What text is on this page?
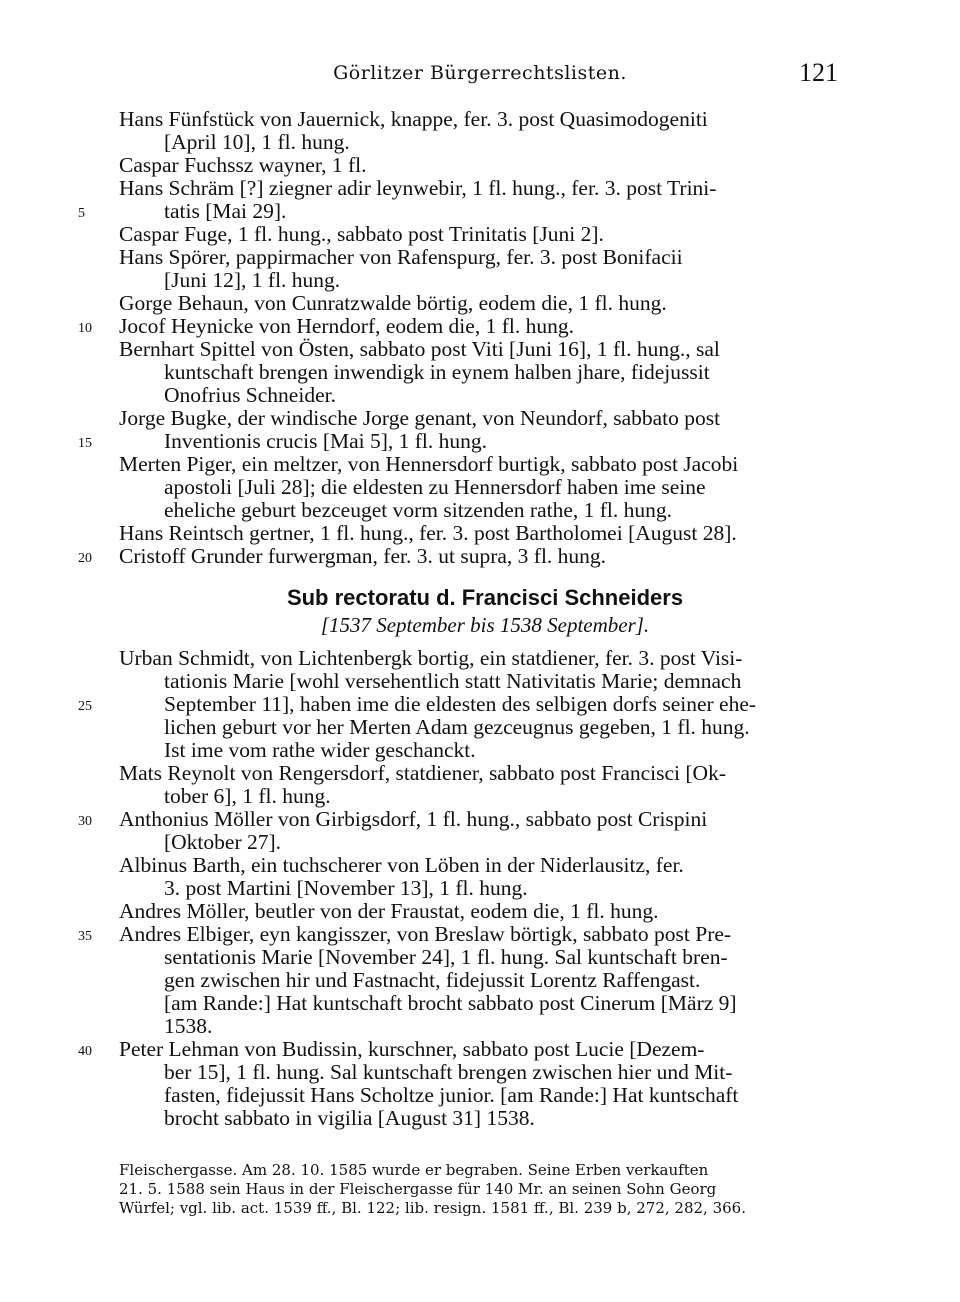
Görlitzer Bürgerrechtslisten.	121
Hans Fünfstück von Jauernick, knappe, fer. 3. post Quasimodogeniti
[April 10], 1 fl. hung.
Caspar Fuchssz wayner, 1 fl.
Hans Schräm [?] ziegner adir leynwebir, 1 fl. hung., fer. 3. post Trini-
5	tatis [Mai 29].
Caspar Fuge, 1 fl. hung., sabbato post Trinitatis [Juni 2].
Hans Spörer, pappirmacher von Rafenspurg, fer. 3. post Bonifacii
[Juni 12], 1 fl. hung.
Gorge Behaun, von Cunratzwalde börtig, eodem die, 1 fl. hung.
10 Jocof Heynicke von Herndorf, eodem die, 1 fl. hung.
Bernhart Spittel von Östen, sabbato post Viti [Juni 16], 1 fl. hung., sal
kuntschaft brengen inwendigk in eynem halben jhare, fidejussit
Onofrius Schneider.
Jorge Bugke, der windische Jorge genant, von Neundorf, sabbato post
15	Inventionis crucis [Mai 5], 1 fl. hung.
Merten Piger, ein meltzer, von Hennersdorf burtigk, sabbato post Jacobi
apostoli [Juli 28]; die eldesten zu Hennersdorf haben ime seine
eheliche geburt bezceuget vorm sitzenden rathe, 1 fl. hung.
Hans Reintsch gertner, 1 fl. hung., fer. 3. post Bartholomei [August 28].
20 Cristoff Grunder furwergman, fer. 3. ut supra, 3 fl. hung.
Sub rectoratu d. Francisci Schneiders
[1537 September bis 1538 September].
Urban Schmidt, von Lichtenbergk bortig, ein statdiener, fer. 3. post Visi-
tationis Marie [wohl versehentlich statt Nativitatis Marie; demnach
25	September 11], haben ime die eldesten des selbigen dorfs seiner ehe-
lichen geburt vor her Merten Adam gezceugnus gegeben, 1 fl. hung.
Ist ime vom rathe wider geschanckt.
Mats Reynolt von Rengersdorf, statdiener, sabbato post Francisci [Ok-
tober 6], 1 fl. hung.
30 Anthonius Möller von Girbigsdorf, 1 fl. hung., sabbato post Crispini
[Oktober 27].
Albinus Barth, ein tuchscherer von Löben in der Niderlausitz, fer.
3. post Martini [November 13], 1 fl. hung.
Andres Möller, beutler von der Fraustat, eodem die, 1 fl. hung.
35 Andres Elbiger, eyn kangisszer, von Breslaw börtigk, sabbato post Pre-
sentationis Marie [November 24], 1 fl. hung. Sal kuntschaft bren-
gen zwischen hir und Fastnacht, fidejussit Lorentz Raffengast.
[am Rande:] Hat kuntschaft brocht sabbato post Cinerum [März 9]
1538.
40 Peter Lehman von Budissin, kurschner, sabbato post Lucie [Dezem-
ber 15], 1 fl. hung. Sal kuntschaft brengen zwischen hier und Mit-
fasten, fidejussit Hans Scholtze junior. [am Rande:] Hat kuntschaft
brocht sabbato in vigilia [August 31] 1538.
Fleischergasse. Am 28. 10. 1585 wurde er begraben. Seine Erben verkauften
21. 5. 1588 sein Haus in der Fleischergasse für 140 Mr. an seinen Sohn Georg
Würfel; vgl. lib. act. 1539 ff., Bl. 122; lib. resign. 1581 ff., Bl. 239 b, 272, 282, 366.
